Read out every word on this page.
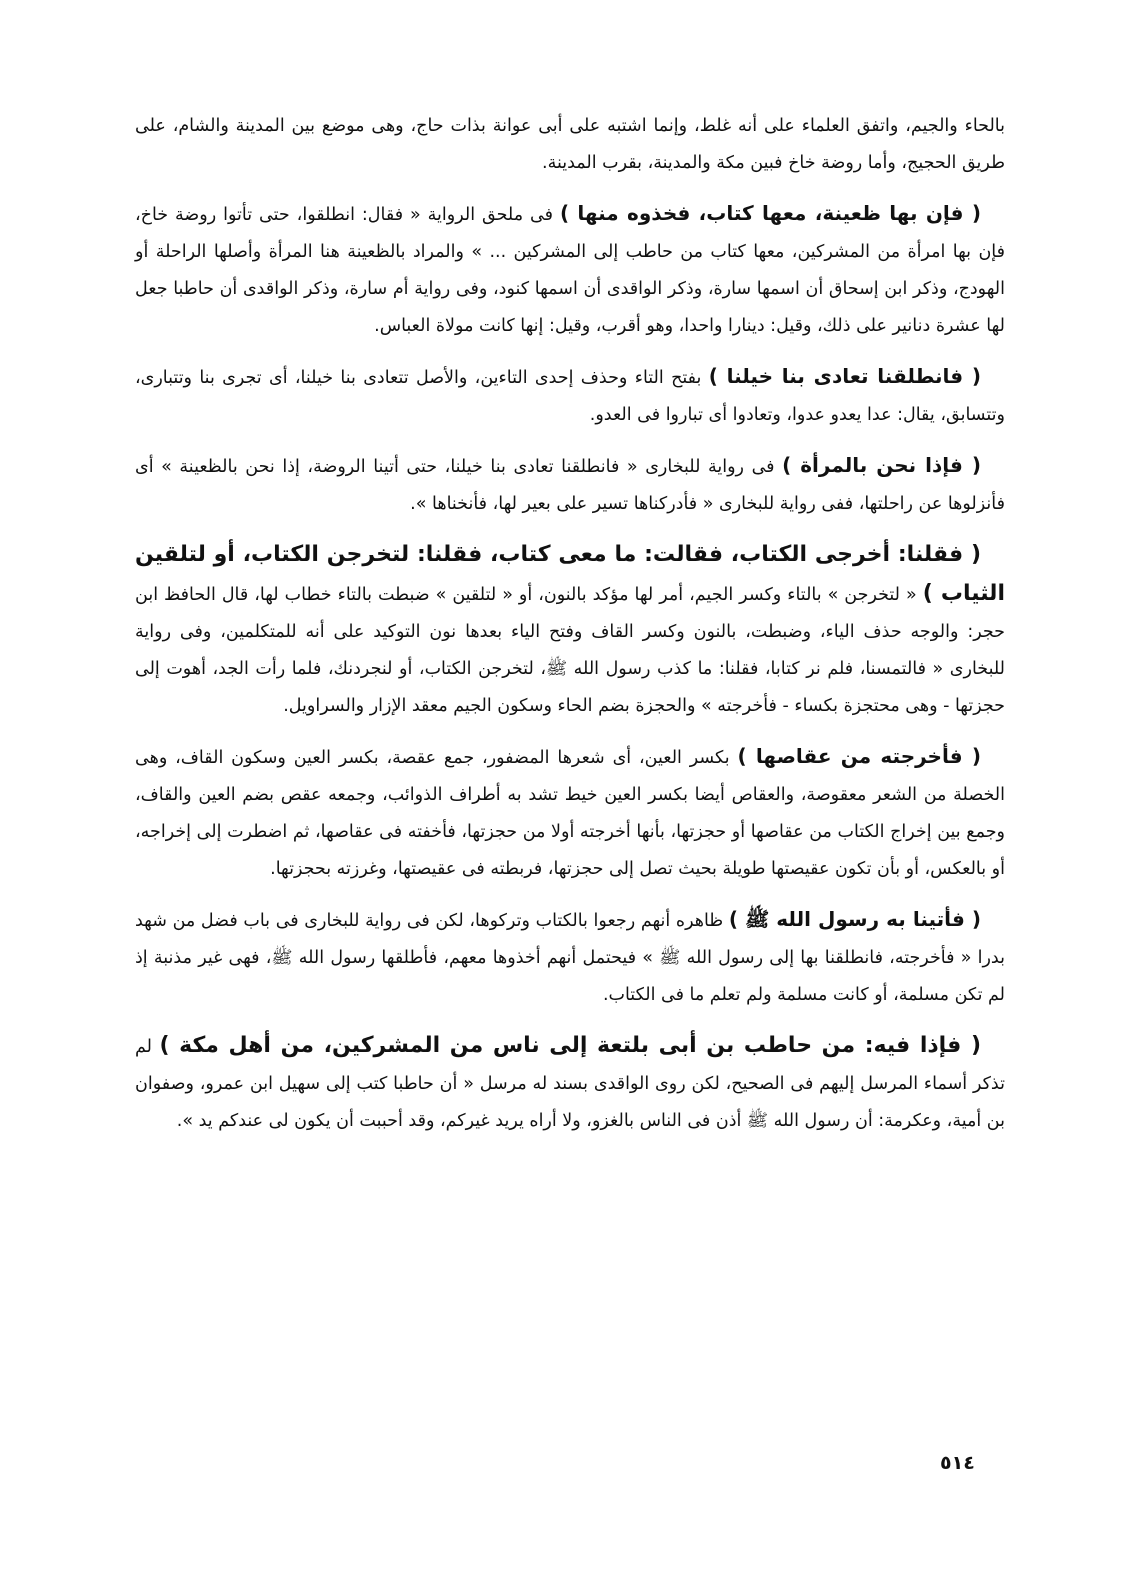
بالحاء والجيم، واتفق العلماء على أنه غلط، وإنما اشتبه على أبى عوانة بذات حاج، وهى موضع بين المدينة والشام، على طريق الحجيج، وأما روضة خاخ فبين مكة والمدينة، بقرب المدينة.

( فإن بها ظعينة، معها كتاب، فخذوه منها ) فى ملحق الرواية « فقال: انطلقوا، حتى تأتوا روضة خاخ، فإن بها امرأة من المشركين، معها كتاب من حاطب إلى المشركين ... » والمراد بالظعينة هنا المرأة وأصلها الراحلة أو الهودج، وذكر ابن إسحاق أن اسمها سارة، وذكر الواقدى أن اسمها كنود، وفى رواية أم سارة، وذكر الواقدى أن حاطبا جعل لها عشرة دنانير على ذلك، وقيل: دينارا واحدا، وهو أقرب، وقيل: إنها كانت مولاة العباس.

( فانطلقنا تعادى بنا خيلنا ) بفتح التاء وحذف إحدى التاءين، والأصل تتعادى بنا خيلنا، أى تجرى بنا وتتبارى، وتتسابق، يقال: عدا يعدو عدوا، وتعادوا أى تباروا فى العدو.

( فإذا نحن بالمرأة ) فى رواية للبخارى « فانطلقنا تعادى بنا خيلنا، حتى أتينا الروضة، إذا نحن بالظعينة » أى فأنزلوها عن راحلتها، ففى رواية للبخارى « فأدركناها تسير على بعير لها، فأنخناها ».

( فقلنا: أخرجى الكتاب، فقالت: ما معى كتاب، فقلنا: لتخرجن الكتاب، أو لتلقين الثياب ) « لتخرجن » بالتاء وكسر الجيم، أمر لها مؤكد بالنون، أو « لتلقين » ضبطت بالتاء خطاب لها، قال الحافظ ابن حجر: والوجه حذف الياء، وضبطت، بالنون وكسر القاف وفتح الياء بعدها نون التوكيد على أنه للمتكلمين، وفى رواية للبخارى « فالتمسنا، فلم نر كتابا، فقلنا: ما كذب رسول الله ﷺ، لتخرجن الكتاب، أو لنجردنك، فلما رأت الجد، أهوت إلى حجزتها - وهى محتجزة بكساء - فأخرجته » والحجزة بضم الحاء وسكون الجيم معقد الإزار والسراويل.

( فأخرجته من عقاصها ) بكسر العين، أى شعرها المضفور، جمع عقصة، بكسر العين وسكون القاف، وهى الخصلة من الشعر معقوصة، والعقاص أيضا بكسر العين خيط تشد به أطراف الذوائب، وجمعه عقص بضم العين والقاف، وجمع بين إخراج الكتاب من عقاصها أو حجزتها، بأنها أخرجته أولا من حجزتها، فأخفته فى عقاصها، ثم اضطرت إلى إخراجه، أو بالعكس، أو بأن تكون عقيصتها طويلة بحيث تصل إلى حجزتها، فربطته فى عقيصتها، وغرزته بحجزتها.

( فأتينا به رسول الله ﷺ ) ظاهره أنهم رجعوا بالكتاب وتركوها، لكن فى رواية للبخارى فى باب فضل من شهد بدرا « فأخرجته، فانطلقنا بها إلى رسول الله ﷺ » فيحتمل أنهم أخذوها معهم، فأطلقها رسول الله ﷺ، فهى غير مذنبة إذ لم تكن مسلمة، أو كانت مسلمة ولم تعلم ما فى الكتاب.

( فإذا فيه: من حاطب بن أبى بلتعة إلى ناس من المشركين، من أهل مكة ) لم تذكر أسماء المرسل إليهم فى الصحيح، لكن روى الواقدى بسند له مرسل « أن حاطبا كتب إلى سهيل ابن عمرو، وصفوان بن أمية، وعكرمة: أن رسول الله ﷺ أذن فى الناس بالغزو، ولا أراه يريد غيركم، وقد أحببت أن يكون لى عندكم يد ».

٥١٤
